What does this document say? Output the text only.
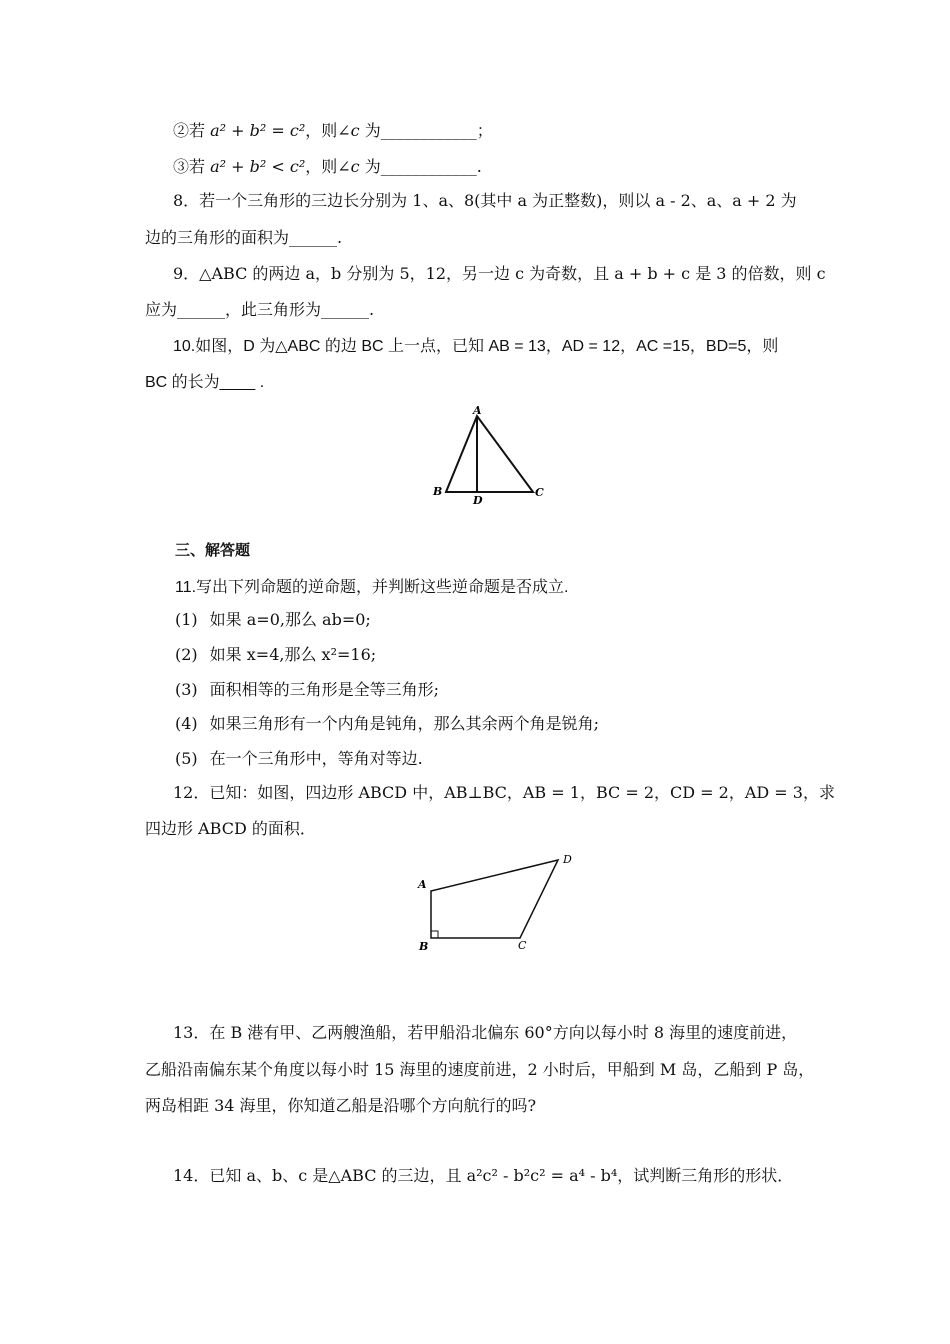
②若 a² + b² = c²，则∠c 为____________；
③若 a² + b² < c²，则∠c 为____________.
8．若一个三角形的三边长分别为 1、a、8(其中 a 为正整数)，则以 a - 2、a、a + 2 为
边的三角形的面积为______.
9．△ABC 的两边 a，b 分别为 5，12，另一边 c 为奇数，且 a + b + c 是 3 的倍数，则 c
应为______，此三角形为______.
10.如图，D 为△ABC 的边 BC 上一点，已知 AB = 13，AD = 12，AC =15，BD=5，则
BC 的长为____ .
A
B	C
D
三、解答题
11.写出下列命题的逆命题，并判断这些逆命题是否成立.
(1) 如果 a=0,那么 ab=0;
(2) 如果 x=4,那么 x²=16;
(3) 面积相等的三角形是全等三角形;
(4) 如果三角形有一个内角是钝角，那么其余两个角是锐角;
(5) 在一个三角形中，等角对等边.
12．已知：如图，四边形 ABCD 中，AB⊥BC，AB = 1，BC = 2，CD = 2，AD = 3，求
四边形 ABCD 的面积．
A
B	C
D
13．在 B 港有甲、乙两艘渔船，若甲船沿北偏东 60°方向以每小时 8 海里的速度前进，
乙船沿南偏东某个角度以每小时 15 海里的速度前进，2 小时后，甲船到 M 岛，乙船到 P 岛，
两岛相距 34 海里，你知道乙船是沿哪个方向航行的吗?
14．已知 a、b、c 是△ABC 的三边，且 a²c² - b²c² = a⁴ - b⁴，试判断三角形的形状．
